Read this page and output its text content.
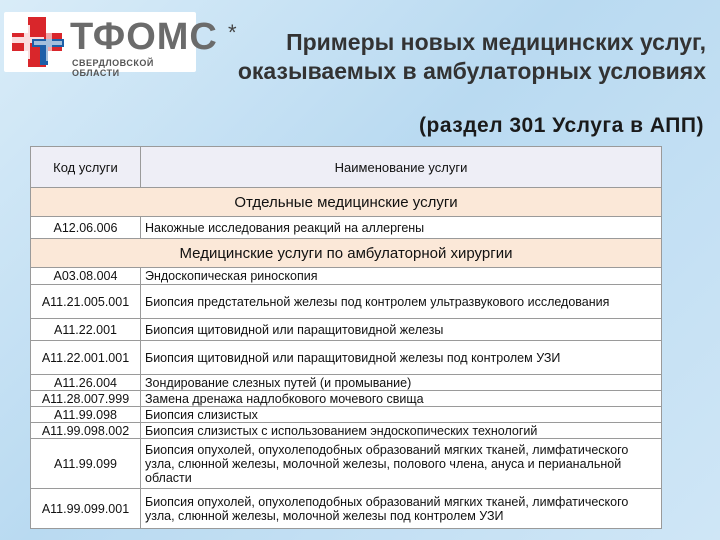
ТФОМС
СВЕРДЛОВСКОЙ ОБЛАСТИ
* Примеры новых медицинских услуг, оказываемых в амбулаторных условиях
(раздел 301 Услуга в АПП)
Код услуги	Наименование услуги
Отдельные медицинские услуги	
A12.06.006	Накожные исследования реакций на аллергены
Медицинские услуги по амбулаторной хирургии	
A03.08.004	Эндоскопическая риноскопия
A11.21.005.001	Биопсия предстательной железы под контролем ультразвукового исследования
A11.22.001	Биопсия щитовидной или паращитовидной железы
A11.22.001.001	Биопсия щитовидной или паращитовидной железы под контролем УЗИ
A11.26.004	Зондирование слезных путей (и промывание)
A11.28.007.999	Замена дренажа надлобкового мочевого свища
A11.99.098	Биопсия слизистых
A11.99.098.002	Биопсия слизистых с использованием эндоскопических технологий
A11.99.099	Биопсия опухолей, опухолеподобных образований мягких тканей, лимфатического узла, слюнной железы, молочной железы, полового члена, ануса и перианальной области
A11.99.099.001	Биопсия опухолей, опухолеподобных образований мягких тканей, лимфатического узла, слюнной железы, молочной железы под контролем УЗИ
